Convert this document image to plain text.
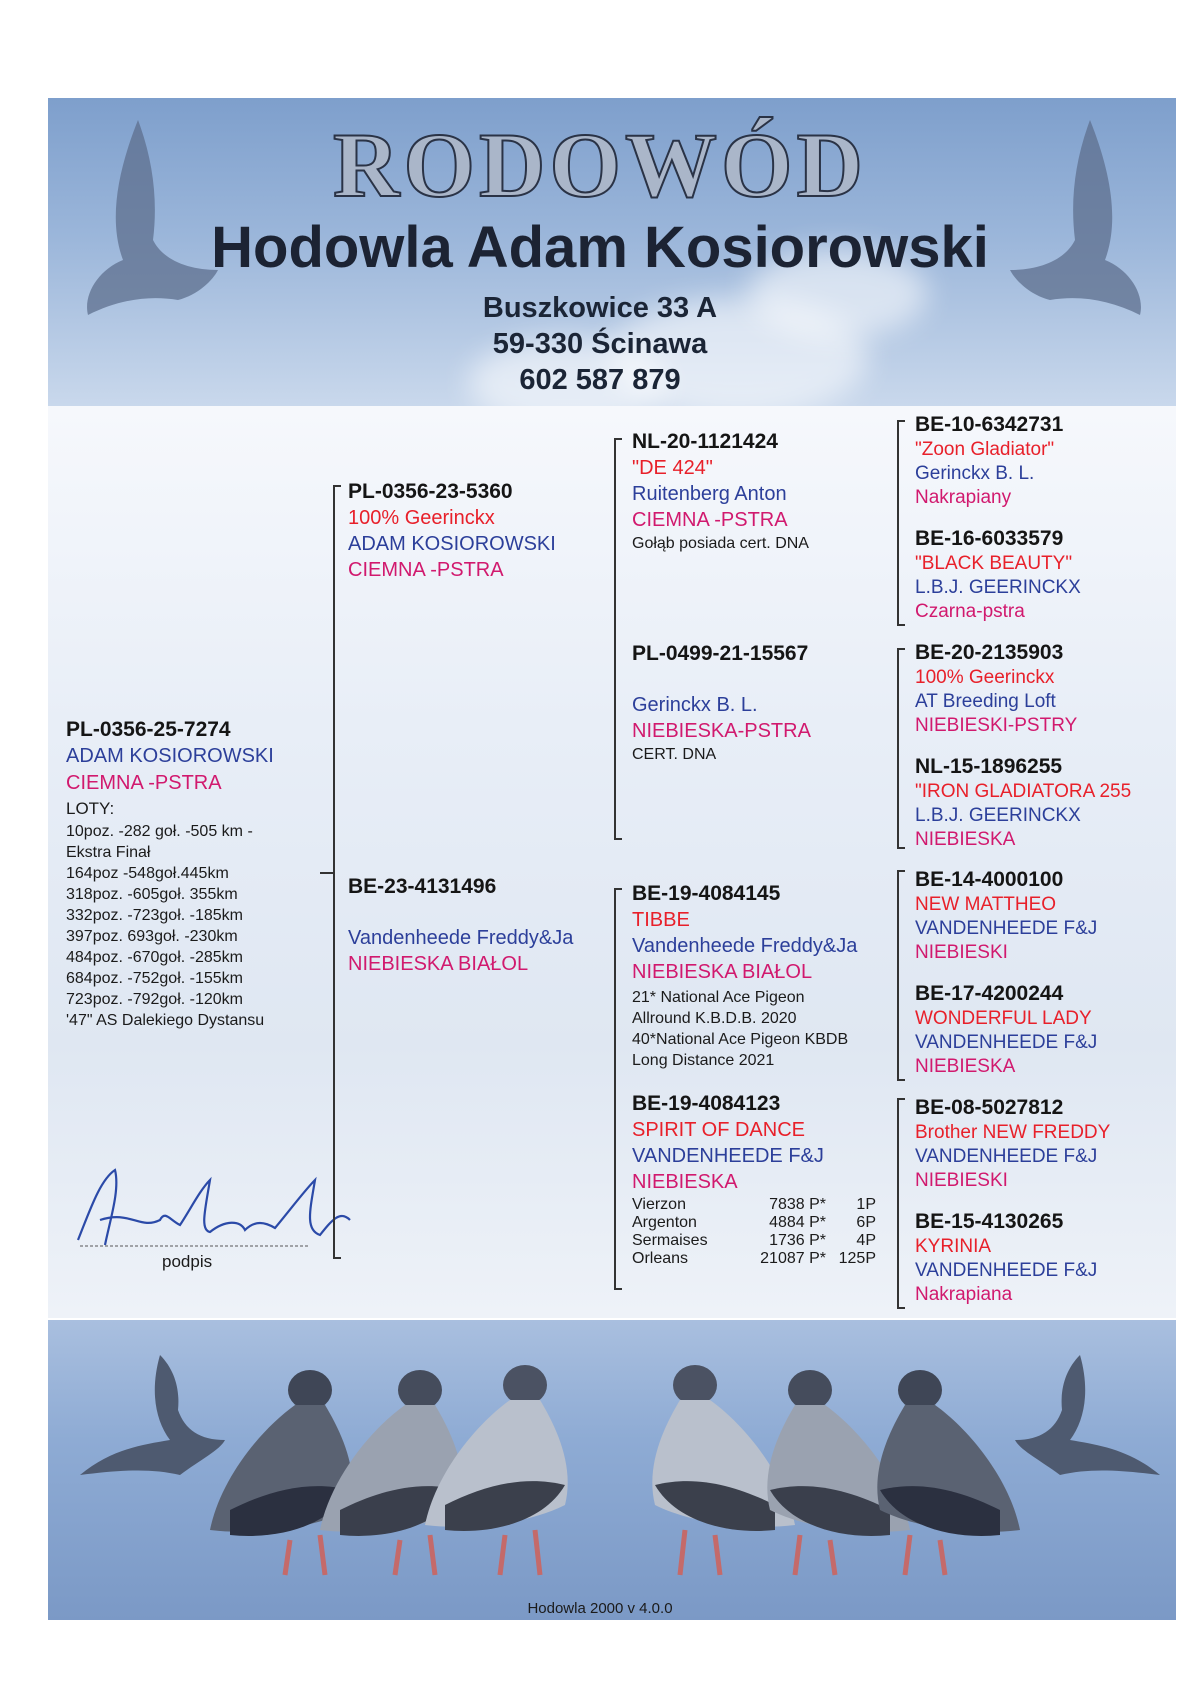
RODOWÓD
Hodowla Adam Kosiorowski
Buszkowice 33 A
59-330 Ścinawa
602 587 879
PL-0356-25-7274
ADAM KOSIOROWSKI
CIEMNA -PSTRA
LOTY:
10poz. -282 goł. -505 km -
Ekstra Finał
164poz -548goł.445km
318poz. -605goł. 355km
332poz. -723goł. -185km
397poz. 693goł. -230km
484poz. -670goł. -285km
684poz. -752goł. -155km
723poz. -792goł. -120km
'47" AS Dalekiego Dystansu
podpis
PL-0356-23-5360
100% Geerinckx
ADAM KOSIOROWSKI
CIEMNA -PSTRA
BE-23-4131496
Vandenheede Freddy&Ja
NIEBIESKA BIAŁOL
NL-20-1121424
"DE 424"
Ruitenberg Anton
CIEMNA -PSTRA
Gołąb posiada cert. DNA
PL-0499-21-15567
Gerinckx B. L.
NIEBIESKA-PSTRA
CERT. DNA
BE-19-4084145
TIBBE
Vandenheede Freddy&Ja
NIEBIESKA BIAŁOL
21* National Ace Pigeon
Allround K.B.D.B. 2020
40*National Ace Pigeon KBDB
Long Distance 2021
BE-19-4084123
SPIRIT OF DANCE
VANDENHEEDE F&J
NIEBIESKA
Vierzon	7838 P*	1P
Argenton	4884 P*	6P
Sermaises	1736 P*	4P
Orleans	21087 P*	125P
BE-10-6342731
"Zoon Gladiator"
Gerinckx B. L.
Nakrapiany
BE-16-6033579
"BLACK BEAUTY"
L.B.J. GEERINCKX
Czarna-pstra
BE-20-2135903
100% Geerinckx
AT Breeding Loft
NIEBIESKI-PSTRY
NL-15-1896255
"IRON GLADIATORA 255
L.B.J. GEERINCKX
NIEBIESKA
BE-14-4000100
NEW MATTHEO
VANDENHEEDE F&J
NIEBIESKI
BE-17-4200244
WONDERFUL LADY
VANDENHEEDE F&J
NIEBIESKA
BE-08-5027812
Brother NEW FREDDY
VANDENHEEDE F&J
NIEBIESKI
BE-15-4130265
KYRINIA
VANDENHEEDE F&J
Nakrapiana
Hodowla 2000 v 4.0.0
